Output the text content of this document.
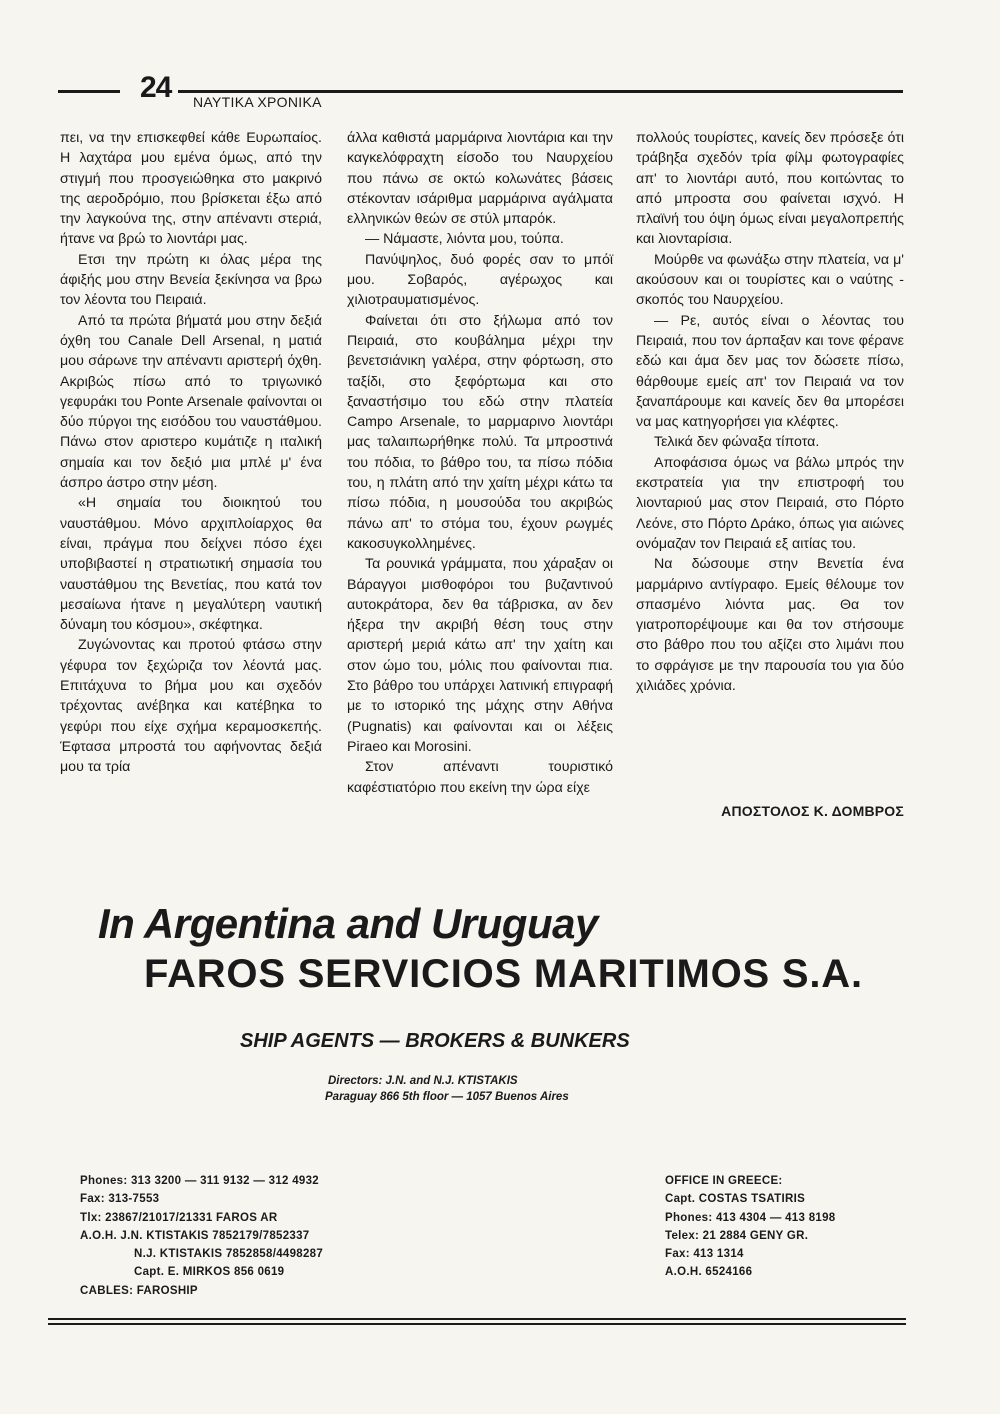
24 ΝΑΥΤΙΚΑ ΧΡΟΝΙΚΑ

πει, να την επισκεφθεί κάθε Ευρωπαίος. Η λαχτάρα μου εμένα όμως, από την στιγμή που προσγειώθηκα στο μακρινό της αεροδρόμιο, που βρίσκεται έξω από την λαγκούνα της, στην απέναντι στεριά, ήτανε να βρώ το λιοντάρι μας.

Ετσι την πρώτη κι όλας μέρα της άφιξής μου στην Βενεία ξεκίνησα να βρω τον λέοντα του Πειραιά.

Από τα πρώτα βήματά μου στην δεξιά όχθη του Canale Dell Arsenal, η ματιά μου σάρωνε την απέναντι αριστερή όχθη. Ακριβώς πίσω από το τριγωνικό γεφυράκι του Ponte Arsenale φαίνονται οι δύο πύργοι της εισόδου του ναυστάθμου. Πάνω στον αριστερο κυμάτιζε η ιταλική σημαία και τον δεξιό μια μπλέ μ' ένα άσπρο άστρο στην μέση.

«Η σημαία του διοικητού του ναυστάθμου. Μόνο αρχιπλοίαρχος θα είναι, πράγμα που δείχνει πόσο έχει υποβιβαστεί η στρατιωτική σημασία του ναυστάθμου της Βενετίας, που κατά τον μεσαίωνα ήτανε η μεγαλύτερη ναυτική δύναμη του κόσμου», σκέφτηκα.

Ζυγώνοντας και προτού φτάσω στην γέφυρα τον ξεχώριζα τον λέοντά μας. Επιτάχυνα το βήμα μου και σχεδόν τρέχοντας ανέβηκα και κατέβηκα το γεφύρι που είχε σχήμα κεραμοσκεπής. Έφτασα μπροστά του αφήνοντας δεξιά μου τα τρία

άλλα καθιστά μαρμάρινα λιοντάρια και την καγκελόφραχτη είσοδο του Ναυρχείου που πάνω σε οκτώ κολωνάτες βάσεις στέκονταν ισάριθμα μαρμάρινα αγάλματα ελληνικών θεών σε στύλ μπαρόκ.

— Νάμαστε, λιόντα μου, τούπα.

Πανύψηλος, δυό φορές σαν το μπόϊ μου. Σοβαρός, αγέρωχος και χιλιοτραυματισμένος.

Φαίνεται ότι στο ξήλωμα από τον Πειραιά, στο κουβάλημα μέχρι την βενετσιάνικη γαλέρα, στην φόρτωση, στο ταξίδι, στο ξεφόρτωμα και στο ξαναστήσιμο του εδώ στην πλατεία Campo Arsenale, το μαρμαρινο λιοντάρι μας ταλαιπωρήθηκε πολύ. Τα μπροστινά του πόδια, το βάθρο του, τα πίσω πόδια του, η πλάτη από την χαίτη μέχρι κάτω τα πίσω πόδια, η μουσούδα του ακριβώς πάνω απ' το στόμα του, έχουν ρωγμές κακοσυγκολλημένες.

Τα ρουνικά γράμματα, που χάραξαν οι Βάραγγοι μισθοφόροι του βυζαντινού αυτοκράτορα, δεν θα τάβρισκα, αν δεν ήξερα την ακριβή θέση τους στην αριστερή μεριά κάτω απ' την χαίτη και στον ώμο του, μόλις που φαίνονται πια. Στο βάθρο του υπάρχει λατινική επιγραφή με το ιστορικό της μάχης στην Αθήνα (Pugnatis) και φαίνονται και οι λέξεις Piraeo και Morosini.

Στον απέναντι τουριστικό καφέστιατόριο που εκείνη την ώρα είχε

πολλούς τουρίστες, κανείς δεν πρόσεξε ότι τράβηξα σχεδόν τρία φίλμ φωτογραφίες απ' το λιοντάρι αυτό, που κοιτώντας το από μπροστα σου φαίνεται ισχνό. Η πλαϊνή του όψη όμως είναι μεγαλοπρεπής και λιονταρίσια.

Μούρθε να φωνάξω στην πλατεία, να μ' ακούσουν και οι τουρίστες και ο ναύτης - σκοπός του Ναυρχείου.

— Ρε, αυτός είναι ο λέοντας του Πειραιά, που τον άρπαξαν και τονε φέρανε εδώ και άμα δεν μας τον δώσετε πίσω, θάρθουμε εμείς απ' τον Πειραιά να τον ξαναπάρουμε και κανείς δεν θα μπορέσει να μας κατηγορήσει για κλέφτες.

Τελικά δεν φώναξα τίποτα.

Αποφάσισα όμως να βάλω μπρός την εκστρατεία για την επιστροφή του λιονταριού μας στον Πειραιά, στο Πόρτο Λεόνε, στο Πόρτο Δράκο, όπως για αιώνες ονόμαζαν τον Πειραιά εξ αιτίας του.

Να δώσουμε στην Βενετία ένα μαρμάρινο αντίγραφο. Εμείς θέλουμε τον σπασμένο λιόντα μας. Θα τον γιατροπορέψουμε και θα τον στήσουμε στο βάθρο που του αξίζει στο λιμάνι που το σφράγισε με την παρουσία του για δύο χιλιάδες χρόνια.

ΑΠΟΣΤΟΛΟΣ Κ. ΔΟΜΒΡΟΣ
In Argentina and Uruguay
FAROS SERVICIOS MARITIMOS S.A.
SHIP AGENTS — BROKERS & BUNKERS
Directors: J.N. and N.J. KTISTAKIS
Paraguay 866 5th floor — 1057 Buenos Aires
Phones: 313 3200 — 311 9132 — 312 4932
Fax: 313-7553
Tlx: 23867/21017/21331 FAROS AR
A.O.H. J.N. KTISTAKIS 7852179/7852337
N.J. KTISTAKIS 7852858/4498287
Capt. E. MIRKOS 856 0619
CABLES: FAROSHIP
OFFICE IN GREECE:
Capt. COSTAS TSATIRIS
Phones: 413 4304 — 413 8198
Telex: 21 2884 GENY GR.
Fax: 413 1314
A.O.H. 6524166
